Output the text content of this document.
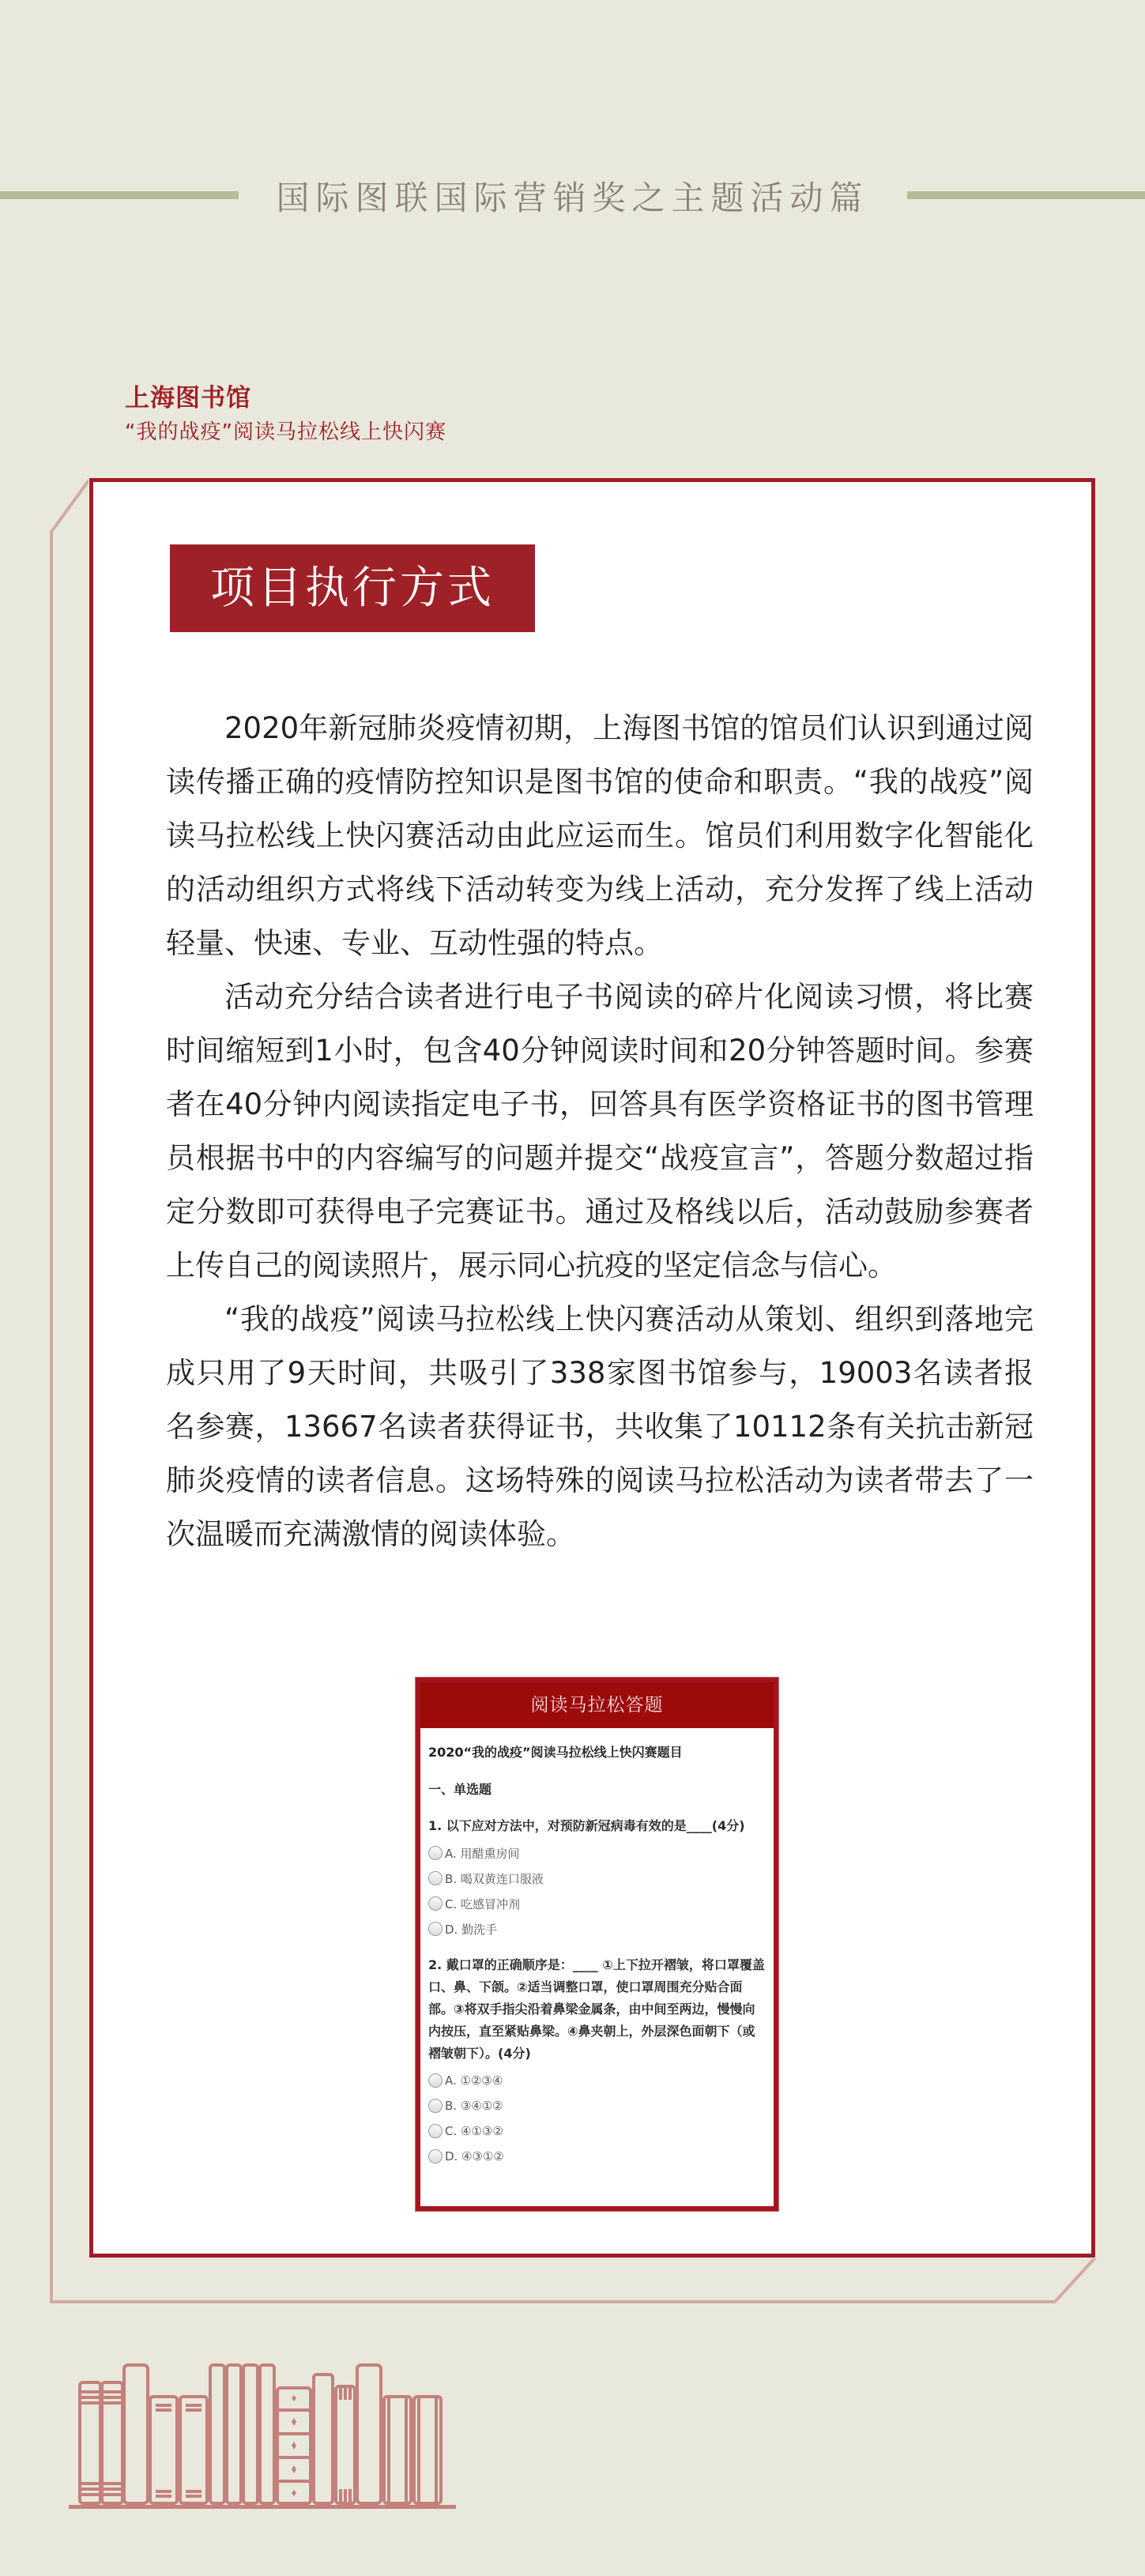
国际图联国际营销奖之主题活动篇
上海图书馆
“我的战疫”阅读马拉松线上快闪赛
项目执行方式

2020年新冠肺炎疫情初期，上海图书馆的馆员们认识到通过阅读传播正确的疫情防控知识是图书馆的使命和职责。“我的战疫”阅读马拉松线上快闪赛活动由此应运而生。馆员们利用数字化智能化的活动组织方式将线下活动转变为线上活动，充分发挥了线上活动轻量、快速、专业、互动性强的特点。

活动充分结合读者进行电子书阅读的碎片化阅读习惯，将比赛时间缩短到1小时，包含40分钟阅读时间和20分钟答题时间。参赛者在40分钟内阅读指定电子书，回答具有医学资格证书的图书管理员根据书中的内容编写的问题并提交“战疫宣言”，答题分数超过指定分数即可获得电子完赛证书。通过及格线以后，活动鼓励参赛者上传自己的阅读照片，展示同心抗疫的坚定信念与信心。

“我的战疫”阅读马拉松线上快闪赛活动从策划、组织到落地完成只用了9天时间，共吸引了338家图书馆参与，19003名读者报名参赛，13667名读者获得证书，共收集了10112条有关抗击新冠肺炎疫情的读者信息。这场特殊的阅读马拉松活动为读者带去了一次温暖而充满激情的阅读体验。

阅读马拉松答题
2020“我的战疫”阅读马拉松线上快闪赛题目
一、单选题
1. 以下应对方法中，对预防新冠病毒有效的是____(4分)
A. 用醋熏房间
B. 喝双黄连口服液
C. 吃感冒冲剂
D. 勤洗手
2. 戴口罩的正确顺序是：____ ①上下拉开褶皱，将口罩覆盖口、鼻、下颌。②适当调整口罩，使口罩周围充分贴合面部。③将双手指尖沿着鼻梁金属条，由中间至两边，慢慢向内按压，直至紧贴鼻梁。④鼻夹朝上，外层深色面朝下（或褶皱朝下）。(4分)
A. ①②③④
B. ③④①②
C. ④①③②
D. ④③①②
